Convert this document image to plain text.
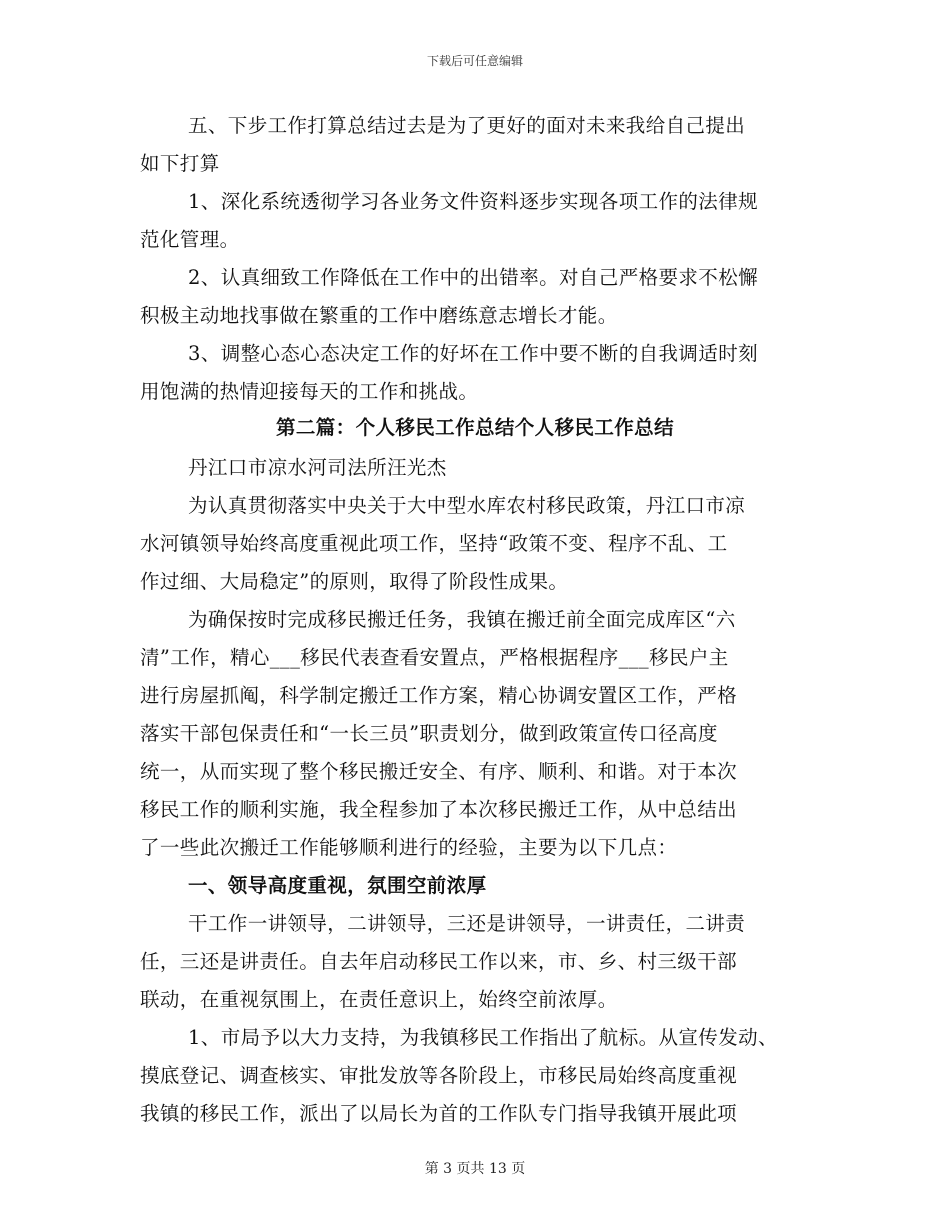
下载后可任意编辑
五、下步工作打算总结过去是为了更好的面对未来我给自己提出
如下打算
1、深化系统透彻学习各业务文件资料逐步实现各项工作的法律规
范化管理。
2、认真细致工作降低在工作中的出错率。对自己严格要求不松懈
积极主动地找事做在繁重的工作中磨练意志增长才能。
3、调整心态心态决定工作的好坏在工作中要不断的自我调适时刻
用饱满的热情迎接每天的工作和挑战。
第二篇：个人移民工作总结个人移民工作总结
丹江口市凉水河司法所汪光杰
为认真贯彻落实中央关于大中型水库农村移民政策，丹江口市凉
水河镇领导始终高度重视此项工作，坚持“政策不变、程序不乱、工
作过细、大局稳定”的原则，取得了阶段性成果。
为确保按时完成移民搬迁任务，我镇在搬迁前全面完成库区“六
清”工作，精心___移民代表查看安置点，严格根据程序___移民户主
进行房屋抓阄，科学制定搬迁工作方案，精心协调安置区工作，严格
落实干部包保责任和“一长三员”职责划分，做到政策宣传口径高度
统一，从而实现了整个移民搬迁安全、有序、顺利、和谐。对于本次
移民工作的顺利实施，我全程参加了本次移民搬迁工作，从中总结出
了一些此次搬迁工作能够顺利进行的经验，主要为以下几点：
一、领导高度重视，氛围空前浓厚
干工作一讲领导，二讲领导，三还是讲领导，一讲责任，二讲责
任，三还是讲责任。自去年启动移民工作以来，市、乡、村三级干部
联动，在重视氛围上，在责任意识上，始终空前浓厚。
1、市局予以大力支持，为我镇移民工作指出了航标。从宣传发动、
摸底登记、调查核实、审批发放等各阶段上，市移民局始终高度重视
我镇的移民工作，派出了以局长为首的工作队专门指导我镇开展此项
第 3 页共 13 页
